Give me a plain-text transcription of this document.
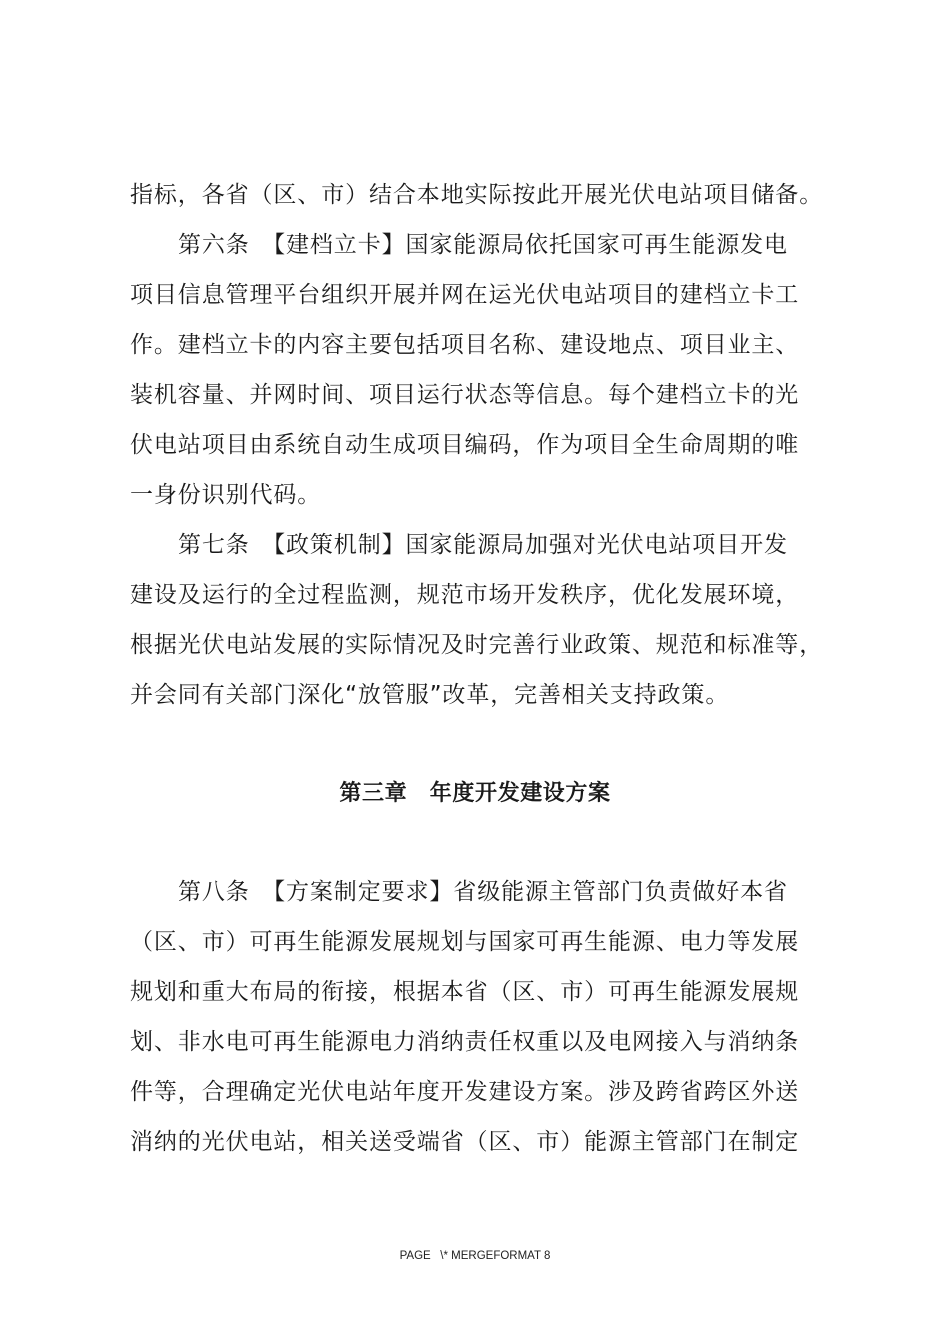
指标，各省（区、市）结合本地实际按此开展光伏电站项目储备。
第六条　【建档立卡】国家能源局依托国家可再生能源发电
项目信息管理平台组织开展并网在运光伏电站项目的建档立卡工
作。建档立卡的内容主要包括项目名称、建设地点、项目业主、
装机容量、并网时间、项目运行状态等信息。每个建档立卡的光
伏电站项目由系统自动生成项目编码，作为项目全生命周期的唯
一身份识别代码。
第七条　【政策机制】国家能源局加强对光伏电站项目开发
建设及运行的全过程监测，规范市场开发秩序，优化发展环境，
根据光伏电站发展的实际情况及时完善行业政策、规范和标准等，
并会同有关部门深化“放管服”改革，完善相关支持政策。
第三章　年度开发建设方案
第八条　【方案制定要求】省级能源主管部门负责做好本省
（区、市）可再生能源发展规划与国家可再生能源、电力等发展
规划和重大布局的衔接，根据本省（区、市）可再生能源发展规
划、非水电可再生能源电力消纳责任权重以及电网接入与消纳条
件等，合理确定光伏电站年度开发建设方案。涉及跨省跨区外送
消纳的光伏电站，相关送受端省（区、市）能源主管部门在制定
PAGE   \* MERGEFORMAT 8
